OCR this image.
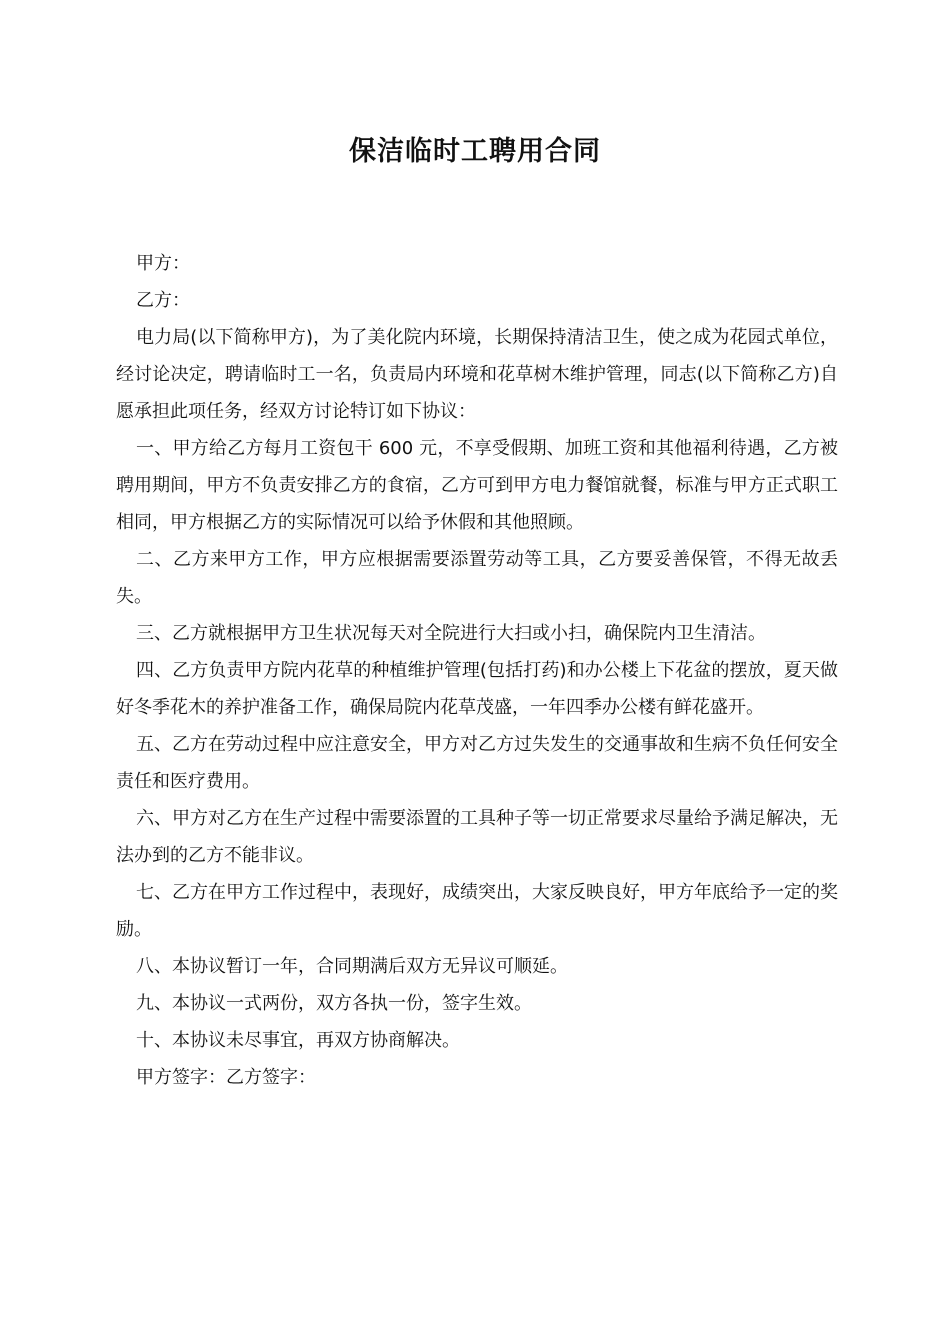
保洁临时工聘用合同

甲方：

乙方：

电力局(以下简称甲方)，为了美化院内环境，长期保持清洁卫生，使之成为花园式单位，经讨论决定，聘请临时工一名，负责局内环境和花草树木维护管理，同志(以下简称乙方)自愿承担此项任务，经双方讨论特订如下协议：

一、甲方给乙方每月工资包干 600 元，不享受假期、加班工资和其他福利待遇，乙方被聘用期间，甲方不负责安排乙方的食宿，乙方可到甲方电力餐馆就餐，标准与甲方正式职工相同，甲方根据乙方的实际情况可以给予休假和其他照顾。

二、乙方来甲方工作，甲方应根据需要添置劳动等工具，乙方要妥善保管，不得无故丢失。

三、乙方就根据甲方卫生状况每天对全院进行大扫或小扫，确保院内卫生清洁。

四、乙方负责甲方院内花草的种植维护管理(包括打药)和办公楼上下花盆的摆放，夏天做好冬季花木的养护准备工作，确保局院内花草茂盛，一年四季办公楼有鲜花盛开。

五、乙方在劳动过程中应注意安全，甲方对乙方过失发生的交通事故和生病不负任何安全责任和医疗费用。

六、甲方对乙方在生产过程中需要添置的工具种子等一切正常要求尽量给予满足解决，无法办到的乙方不能非议。

七、乙方在甲方工作过程中，表现好，成绩突出，大家反映良好，甲方年底给予一定的奖励。

八、本协议暂订一年，合同期满后双方无异议可顺延。

九、本协议一式两份，双方各执一份，签字生效。

十、本协议未尽事宜，再双方协商解决。

甲方签字：乙方签字：
